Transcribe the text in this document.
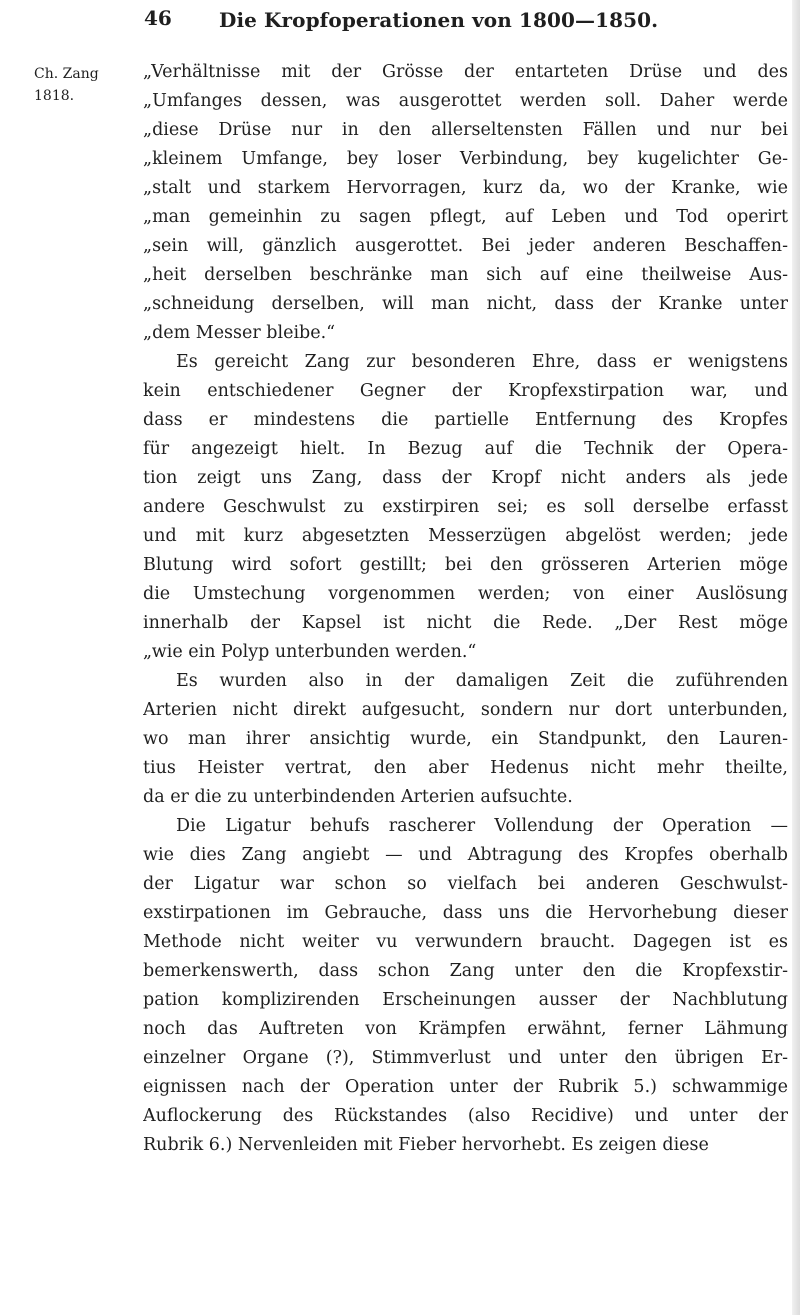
46 Die Kropfoperationen von 1800—1850.
Ch. Zang
1818.
„Verhältnisse mit der Grösse der entarteten Drüse und des
„Umfanges dessen, was ausgerottet werden soll. Daher werde
„diese Drüse nur in den allerseltensten Fällen und nur bei
„kleinem Umfange, bey loser Verbindung, bey kugelichter Ge-
„stalt und starkem Hervorragen, kurz da, wo der Kranke, wie
„man gemeinhin zu sagen pflegt, auf Leben und Tod operirt
„sein will, gänzlich ausgerottet. Bei jeder anderen Beschaffen-
„heit derselben beschränke man sich auf eine theilweise Aus-
„schneidung derselben, will man nicht, dass der Kranke unter
„dem Messer bleibe.“
Es gereicht Zang zur besonderen Ehre, dass er wenigstens
kein entschiedener Gegner der Kropfexstirpation war, und
dass er mindestens die partielle Entfernung des Kropfes
für angezeigt hielt. In Bezug auf die Technik der Opera-
tion zeigt uns Zang, dass der Kropf nicht anders als jede
andere Geschwulst zu exstirpiren sei; es soll derselbe erfasst
und mit kurz abgesetzten Messerzügen abgelöst werden; jede
Blutung wird sofort gestillt; bei den grösseren Arterien möge
die Umstechung vorgenommen werden; von einer Auslösung
innerhalb der Kapsel ist nicht die Rede. „Der Rest möge
„wie ein Polyp unterbunden werden.“
Es wurden also in der damaligen Zeit die zuführenden
Arterien nicht direkt aufgesucht, sondern nur dort unterbunden,
wo man ihrer ansichtig wurde, ein Standpunkt, den Lauren-
tius Heister vertrat, den aber Hedenus nicht mehr theilte,
da er die zu unterbindenden Arterien aufsuchte.
Die Ligatur behufs rascherer Vollendung der Operation —
wie dies Zang angiebt — und Abtragung des Kropfes oberhalb
der Ligatur war schon so vielfach bei anderen Geschwulst-
exstirpationen im Gebrauche, dass uns die Hervorhebung dieser
Methode nicht weiter vu verwundern braucht. Dagegen ist es
bemerkenswerth, dass schon Zang unter den die Kropfexstir-
pation komplizirenden Erscheinungen ausser der Nachblutung
noch das Auftreten von Krämpfen erwähnt, ferner Lähmung
einzelner Organe (?), Stimmverlust und unter den übrigen Er-
eignissen nach der Operation unter der Rubrik 5.) schwammige
Auflockerung des Rückstandes (also Recidive) und unter der
Rubrik 6.) Nervenleiden mit Fieber hervorhebt. Es zeigen diese
